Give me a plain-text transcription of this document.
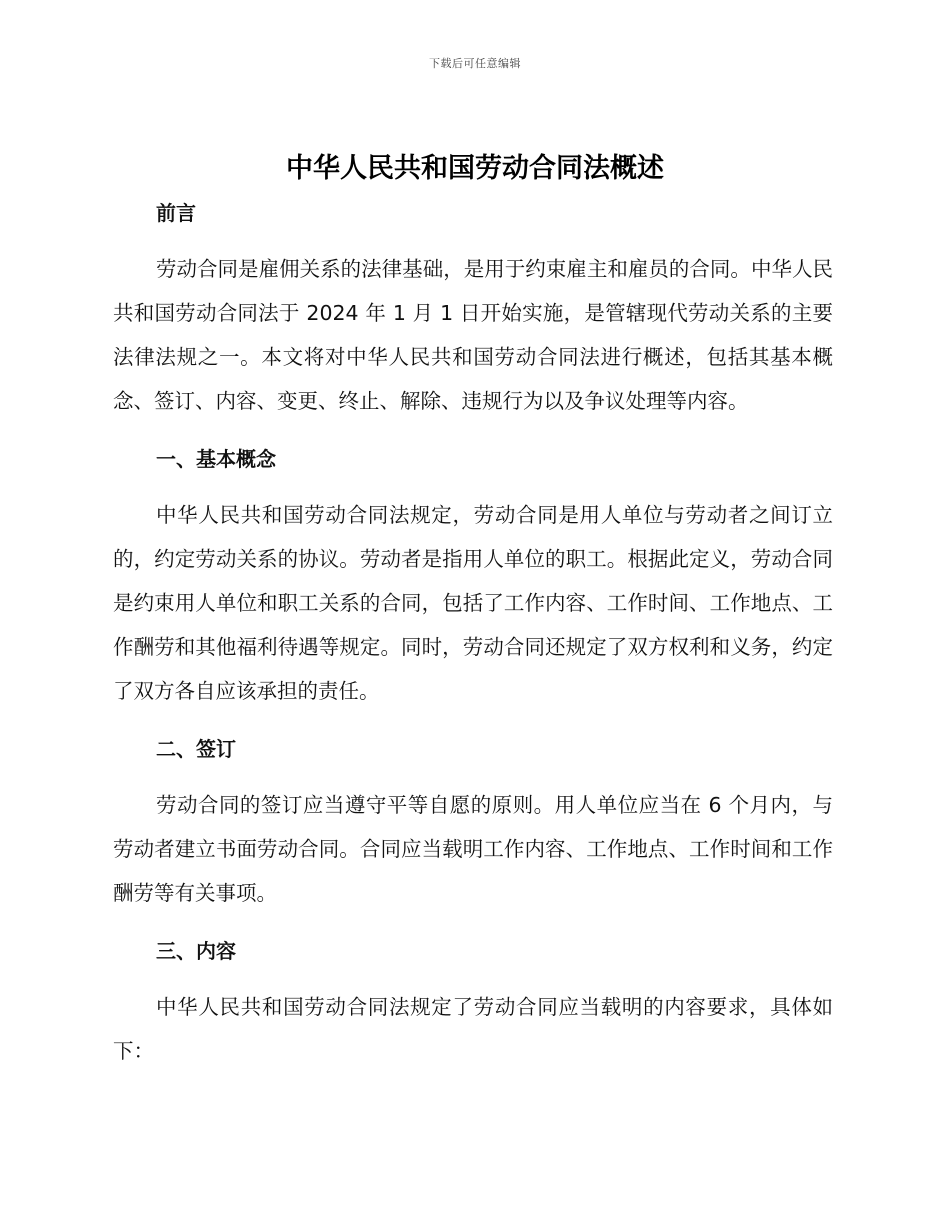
下载后可任意编辑
中华人民共和国劳动合同法概述
前言

劳动合同是雇佣关系的法律基础，是用于约束雇主和雇员的合同。中华人民共和国劳动合同法于 2024 年 1 月 1 日开始实施，是管辖现代劳动关系的主要法律法规之一。本文将对中华人民共和国劳动合同法进行概述，包括其基本概念、签订、内容、变更、终止、解除、违规行为以及争议处理等内容。

一、基本概念

中华人民共和国劳动合同法规定，劳动合同是用人单位与劳动者之间订立的，约定劳动关系的协议。劳动者是指用人单位的职工。根据此定义，劳动合同是约束用人单位和职工关系的合同，包括了工作内容、工作时间、工作地点、工作酬劳和其他福利待遇等规定。同时，劳动合同还规定了双方权利和义务，约定了双方各自应该承担的责任。

二、签订

劳动合同的签订应当遵守平等自愿的原则。用人单位应当在 6 个月内，与劳动者建立书面劳动合同。合同应当载明工作内容、工作地点、工作时间和工作酬劳等有关事项。

三、内容

中华人民共和国劳动合同法规定了劳动合同应当载明的内容要求，具体如下：
